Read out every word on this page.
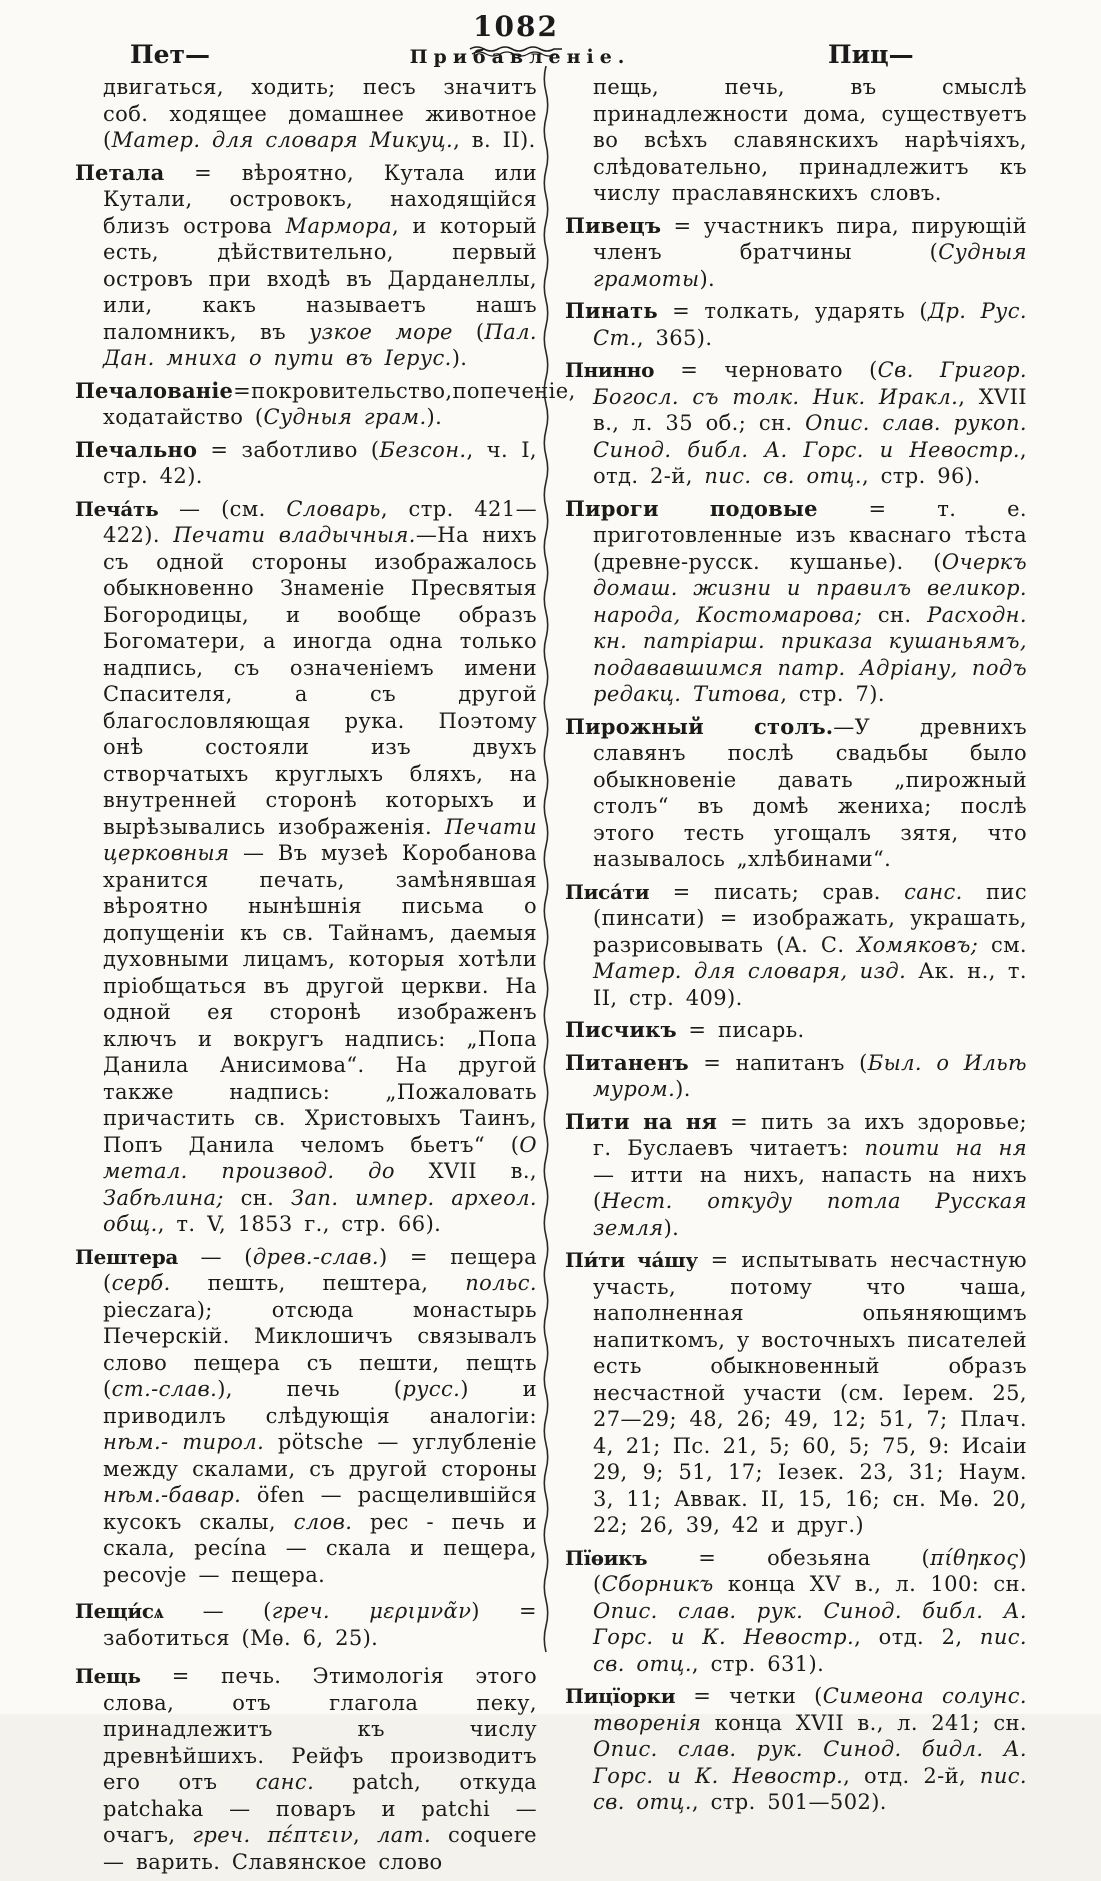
1082
Пет—	Прибавленіе.	Пиц—
двигаться, ходить; песъ значитъ соб. ходящее домашнее животное (Матер. для словаря Микуц., в. II).
Петала = вѣроятно, Кутала или Кутали, островокъ, находящійся близъ острова Мармора, и который есть, дѣйствительно, первый островъ при входѣ въ Дарданеллы, или, какъ называетъ нашъ паломникъ, въ узкое море (Пал. Дан. мниха о пути въ Іерус.).
Печалованіе=покровительство,попеченіе, ходатайство (Судныя грам.).
Печально = заботливо (Безсон., ч. I, стр. 42).
Печа́ть — (см. Словарь, стр. 421—422). Печати владычныя.—На нихъ съ одной стороны изображалось обыкновенно Знаменіе Пресвятыя Богородицы, и вообще образъ Богоматери, а иногда одна только надпись, съ означеніемъ имени Спасителя, а съ другой благословляющая рука. Поэтому онѣ состояли изъ двухъ створчатыхъ круглыхъ бляхъ, на внутренней сторонѣ которыхъ и вырѣзывались изображенія. Печати церковныя — Въ музеѣ Коробанова хранится печать, замѣнявшая вѣроятно нынѣшнія письма о допущеніи къ св. Тайнамъ, даемыя духовными лицамъ, которыя хотѣли пріобщаться въ другой церкви. На одной ея сторонѣ изображенъ ключъ и вокругъ надпись: „Попа Данила Анисимова“. На другой также надпись: „Пожаловать причастить св. Христовыхъ Таинъ, Попъ Данила челомъ бьетъ“ (О метал. производ. до XVII в., Забѣлина; сн. Зап. импер. археол. общ., т. V, 1853 г., стр. 66).
Пештера — (древ.-слав.) = пещера (серб. пешть, пештера, польс. pieczara); отсюда монастырь Печерскій. Миклошичъ связывалъ слово пещера съ пешти, пещть (ст.-слав.), печь (русс.) и приводилъ слѣдующія аналогіи: нѣм.- тирол. pötsche — углубленіе между скалами, съ другой стороны нѣм.-бавар. öfen — расщелившійся кусокъ скалы, слов. pec - печь и скала, pecína — скала и пещера, pecovje — пещера.
Пещи́сѧ — (греч. μεριμνᾶν) = заботиться (Мѳ. 6, 25).
Пещь = печь. Этимологія этого слова, отъ глагола пеку, принадлежитъ къ числу древнѣйшихъ. Рейфъ производитъ его отъ санс. patch, откуда patchaka — поваръ и patchi — очагъ, греч. πέπτειν, лат. coquere — варить. Славянское слово
пещь, печь, въ смыслѣ принадлежности дома, существуетъ во всѣхъ славянскихъ нарѣчіяхъ, слѣдовательно, принадлежитъ къ числу праславянскихъ словъ.
Пивецъ = участникъ пира, пирующій членъ братчины (Судныя грамоты).
Пинать = толкать, ударять (Др. Рус. Ст., 365).
Пнинно = черновато (Св. Григор. Богосл. съ толк. Ник. Иракл., XVII в., л. 35 об.; сн. Опис. слав. рукоп. Синод. библ. А. Горс. и Невостр., отд. 2-й, пис. св. отц., стр. 96).
Пироги подовые = т. е. приготовленные изъ кваснаго тѣста (древне-русск. кушанье). (Очеркъ домаш. жизни и правилъ великор. народа, Костомарова; сн. Расходн. кн. патріарш. приказа кушаньямъ, подававшимся патр. Адріану, подъ редакц. Титова, стр. 7).
Пирожный столъ.—У древнихъ славянъ послѣ свадьбы было обыкновеніе давать „пирожный столъ“ въ домѣ жениха; послѣ этого тесть угощалъ зятя, что называлось „хлѣбинами“.
Писа́ти = писать; срав. санс. пис (пинсати) = изображать, украшать, разрисовывать (А. С. Хомяковъ; см. Матер. для словаря, изд. Ак. н., т. II, стр. 409).
Писчикъ = писарь.
Питаненъ = напитанъ (Был. о Ильѣ муром.).
Пити на ня = пить за ихъ здоровье; г. Буслаевъ читаетъ: поити на ня — итти на нихъ, напасть на нихъ (Нест. откуду потла Русская земля).
Пи́ти ча́шу = испытывать несчастную участь, потому что чаша, наполненная опьяняющимъ напиткомъ, у восточныхъ писателей есть обыкновенный образъ несчастной участи (см. Іерем. 25, 27—29; 48, 26; 49, 12; 51, 7; Плач. 4, 21; Пс. 21, 5; 60, 5; 75, 9: Исаіи 29, 9; 51, 17; Іезек. 23, 31; Наум. 3, 11; Аввак. II, 15, 16; сн. Мѳ. 20, 22; 26, 39, 42 и друг.)
Пїѳикъ = обезьяна (πίθηκος) (Сборникъ конца XV в., л. 100: сн. Опис. слав. рук. Синод. библ. А. Горс. и К. Невостр., отд. 2, пис. св. отц., стр. 631).
Пицїорки = четки (Симеона солунс. творенія конца XVII в., л. 241; сн. Опис. слав. рук. Синод. бидл. А. Горс. и К. Невостр., отд. 2-й, пис. св. отц., стр. 501—502).
